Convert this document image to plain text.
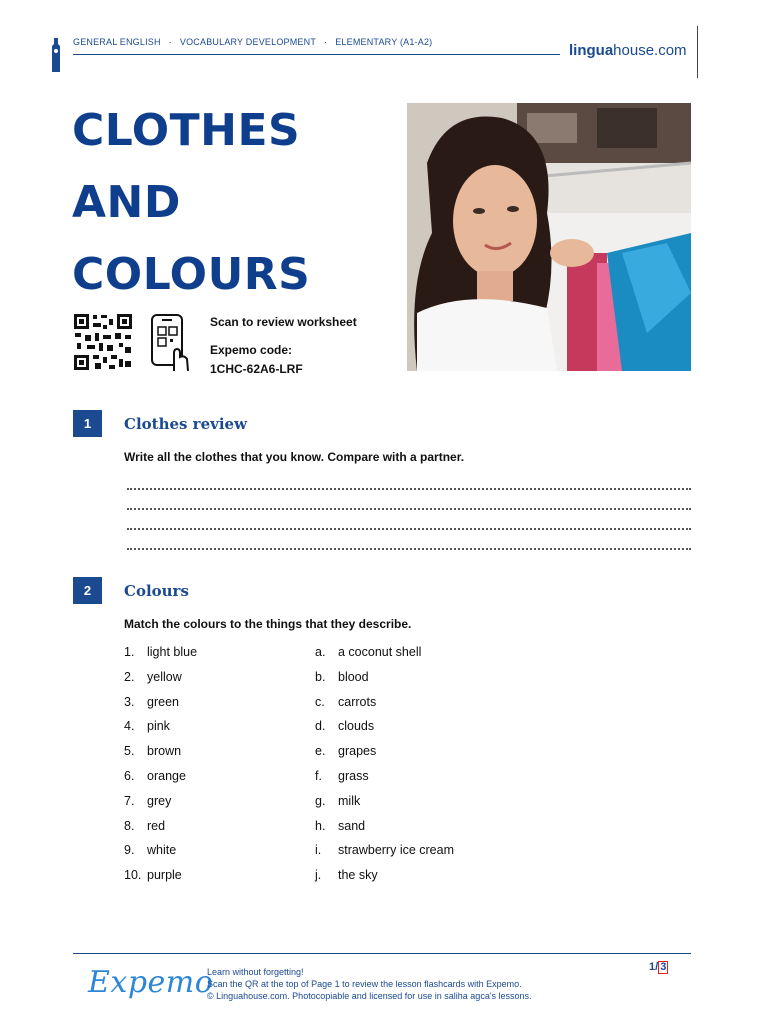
GENERAL ENGLISH · VOCABULARY DEVELOPMENT · ELEMENTARY (A1-A2)	linguahouse.com
CLOTHES
AND
COLOURS
Scan to review worksheet
Expemo code:
1CHC-62A6-LRF
1	Clothes review
Write all the clothes that you know. Compare with a partner.
2	Colours
Match the colours to the things that they describe.
1.	light blue
2.	yellow
3.	green
4.	pink
5.	brown
6.	orange
7.	grey
8.	red
9.	white
10. purple
a.	a coconut shell
b.	blood
c.	carrots
d.	clouds
e.	grapes
f.	grass
g.	milk
h.	sand
i.	strawberry ice cream
j.	the sky
Expemo
Learn without forgetting!
Scan the QR at the top of Page 1 to review the lesson flashcards with Expemo.
© Linguahouse.com. Photocopiable and licensed for use in saliha agca's lessons.
1/ 3
